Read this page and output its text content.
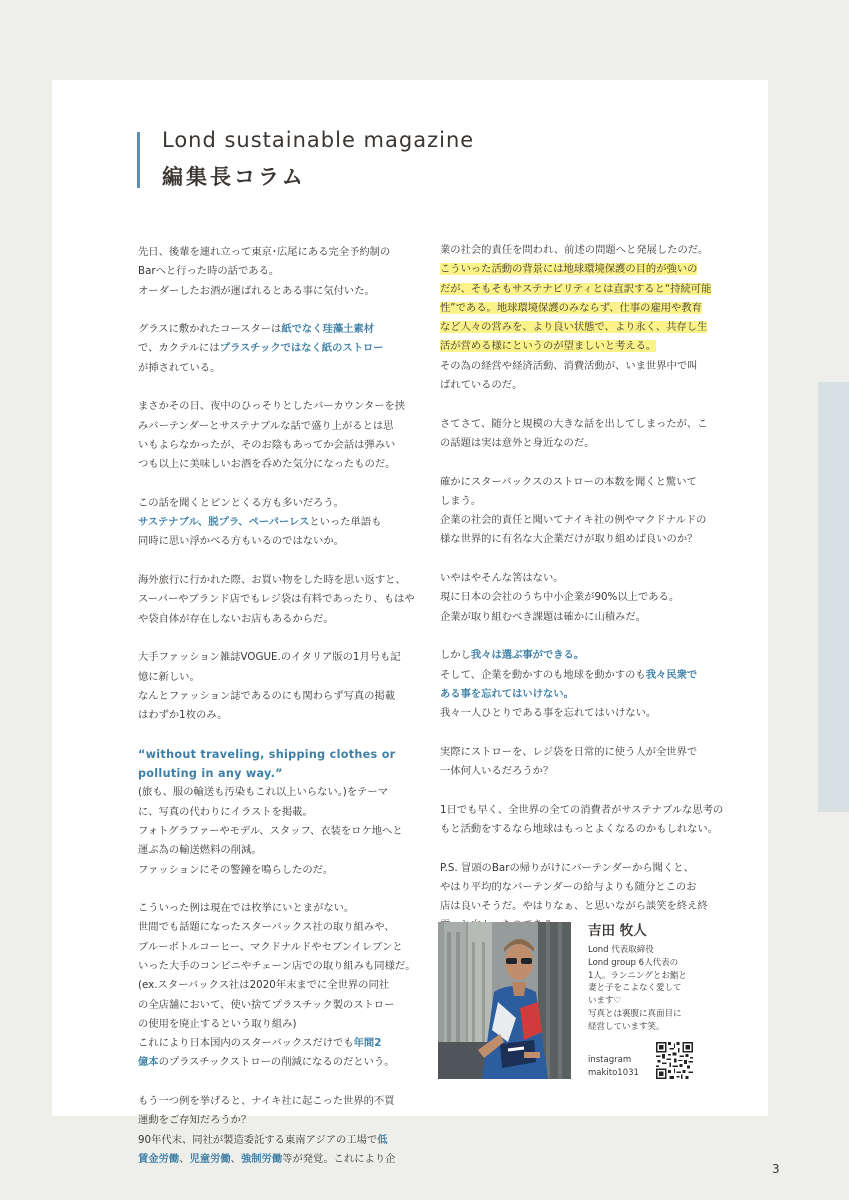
Lond sustainable magazine
編集長コラム

先日、後輩を連れ立って東京･広尾にある完全予約制の
Barへと行った時の話である。
オーダーしたお酒が運ばれるとある事に気付いた。

グラスに敷かれたコースターは紙でなく珪藻土素材
で、カクテルにはプラスチックではなく紙のストロー
が挿されている。

まさかその日、夜中のひっそりとしたバーカウンターを挟
みバーテンダーとサステナブルな話で盛り上がるとは思
いもよらなかったが、そのお陰もあってか会話は弾みい
つも以上に美味しいお酒を呑めた気分になったものだ。

この話を聞くとピンとくる方も多いだろう。
サステナブル、脱プラ、ペーパーレスといった単語も
同時に思い浮かべる方もいるのではないか。

海外旅行に行かれた際、お買い物をした時を思い返すと、
スーパーやブランド店でもレジ袋は有料であったり、もはや
や袋自体が存在しないお店もあるからだ。

大手ファッション雑誌VOGUE.のイタリア版の1月号も記
憶に新しい。
なんとファッション誌であるのにも関わらず写真の掲載
はわずか1枚のみ。

“without traveling, shipping clothes or
polluting in any way.”
(旅も、服の輸送も汚染もこれ以上いらない。)をテーマ
に、写真の代わりにイラストを掲載。
フォトグラファーやモデル、スタッフ、衣装をロケ地へと
運ぶ為の輸送燃料の削減。
ファッションにその警鐘を鳴らしたのだ。

こういった例は現在では枚挙にいとまがない。
世間でも話題になったスターバックス社の取り組みや、
ブルーボトルコーヒー、マクドナルドやセブンイレブンと
いった大手のコンビニやチェーン店での取り組みも同様だ。
(ex.スターバックス社は2020年末までに全世界の同社
の全店舗において、使い捨てプラスチック製のストロー
の使用を廃止するという取り組み)
これにより日本国内のスターバックスだけでも年間2
億本のプラスチックストローの削減になるのだという。

もう一つ例を挙げると、ナイキ社に起こった世界的不買
運動をご存知だろうか？
90年代末、同社が製造委託する東南アジアの工場で低
賃金労働、児童労働、強制労働等が発覚。これにより企

業の社会的責任を問われ、前述の問題へと発展したのだ。
こういった活動の背景には地球環境保護の目的が強いの
だが、そもそもサステナビリティとは直訳すると“持続可能
性”である。地球環境保護のみならず、仕事の雇用や教育
など人々の営みを、より良い状態で、より永く、共存し生
活が営める様にというのが望ましいと考える。
その為の経営や経済活動、消費活動が、いま世界中で叫
ばれているのだ。

さてさて、随分と規模の大きな話を出してしまったが、こ
の話題は実は意外と身近なのだ。

確かにスターバックスのストローの本数を聞くと驚いて
しまう。
企業の社会的責任と聞いてナイキ社の例やマクドナルドの
様な世界的に有名な大企業だけが取り組めば良いのか？

いやはやそんな筈はない。
現に日本の会社のうち中小企業が90%以上である。
企業が取り組むべき課題は確かに山積みだ。

しかし我々は選ぶ事ができる。
そして、企業を動かすのも地球を動かすのも我々民衆で
ある事を忘れてはいけない。
我々一人ひとりである事を忘れてはいけない。

実際にストローを、レジ袋を日常的に使う人が全世界で
一体何人いるだろうか？

1日でも早く、全世界の全ての消費者がサステナブルな思考の
もと活動をするなら地球はもっとよくなるのかもしれない。

P.S. 冒頭のBarの帰りがけにバーテンダーから聞くと、
やはり平均的なバーテンダーの給与よりも随分とこのお
店は良いそうだ。やはりなぁ、と思いながら談笑を終え終

吉田 牧人
Lond 代表取締役
Lond group 6人代表の
1人。ランニングとお鮨と
妻と子をこよなく愛して
います♡
写真とは裏腹に真面目に
経営しています笑。
instagram
makito1031
3
